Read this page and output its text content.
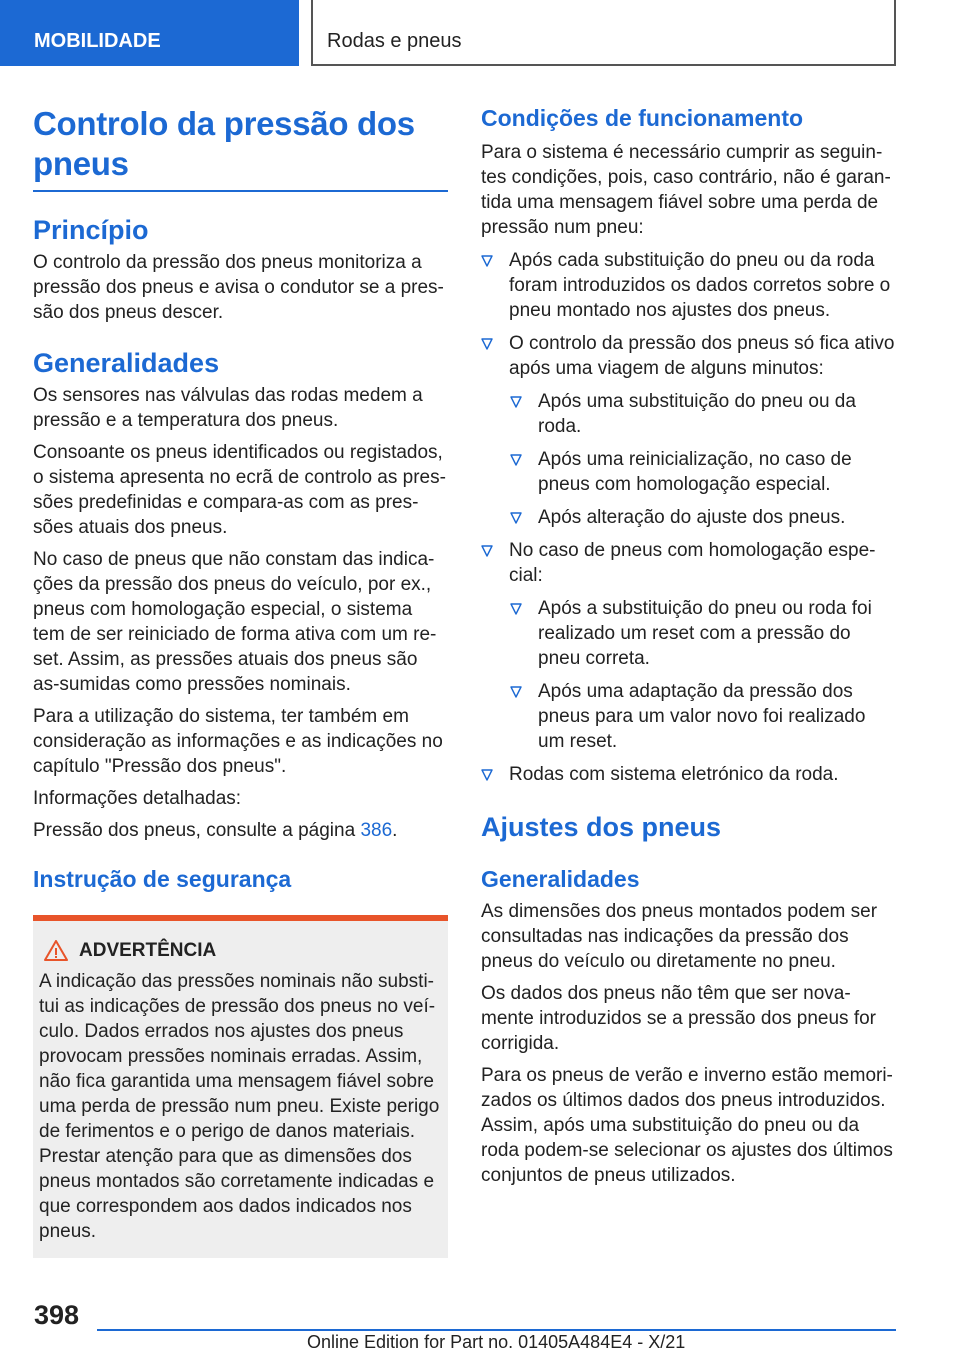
MOBILIDADE	Rodas e pneus
Controlo da pressão dos pneus
Princípio
O controlo da pressão dos pneus monitoriza a pressão dos pneus e avisa o condutor se a pres-são dos pneus descer.
Generalidades
Os sensores nas válvulas das rodas medem a pressão e a temperatura dos pneus.
Consoante os pneus identificados ou registados, o sistema apresenta no ecrã de controlo as pres-sões predefinidas e compara-as com as pres-sões atuais dos pneus.
No caso de pneus que não constam das indica-ções da pressão dos pneus do veículo, por ex., pneus com homologação especial, o sistema tem de ser reiniciado de forma ativa com um re-set. Assim, as pressões atuais dos pneus são as-sumidas como pressões nominais.
Para a utilização do sistema, ter também em consideração as informações e as indicações no capítulo "Pressão dos pneus".
Informações detalhadas:
Pressão dos pneus, consulte a página 386.
Instrução de segurança
ADVERTÊNCIA
A indicação das pressões nominais não substi-tui as indicações de pressão dos pneus no veí-culo. Dados errados nos ajustes dos pneus provocam pressões nominais erradas. Assim, não fica garantida uma mensagem fiável sobre uma perda de pressão num pneu. Existe perigo de ferimentos e o perigo de danos materiais. Prestar atenção para que as dimensões dos pneus montados são corretamente indicadas e que correspondem aos dados indicados nos pneus.
Condições de funcionamento
Para o sistema é necessário cumprir as seguin-tes condições, pois, caso contrário, não é garan-tida uma mensagem fiável sobre uma perda de pressão num pneu:
Após cada substituição do pneu ou da roda foram introduzidos os dados corretos sobre o pneu montado nos ajustes dos pneus.
O controlo da pressão dos pneus só fica ativo após uma viagem de alguns minutos:
Após uma substituição do pneu ou da roda.
Após uma reinicialização, no caso de pneus com homologação especial.
Após alteração do ajuste dos pneus.
No caso de pneus com homologação espe-cial:
Após a substituição do pneu ou roda foi realizado um reset com a pressão do pneu correta.
Após uma adaptação da pressão dos pneus para um valor novo foi realizado um reset.
Rodas com sistema eletrónico da roda.
Ajustes dos pneus
Generalidades
As dimensões dos pneus montados podem ser consultadas nas indicações da pressão dos pneus do veículo ou diretamente no pneu.
Os dados dos pneus não têm que ser nova-mente introduzidos se a pressão dos pneus for corrigida.
Para os pneus de verão e inverno estão memori-zados os últimos dados dos pneus introduzidos. Assim, após uma substituição do pneu ou da roda podem-se selecionar os ajustes dos últimos conjuntos de pneus utilizados.
398
Online Edition for Part no. 01405A484E4 - X/21
